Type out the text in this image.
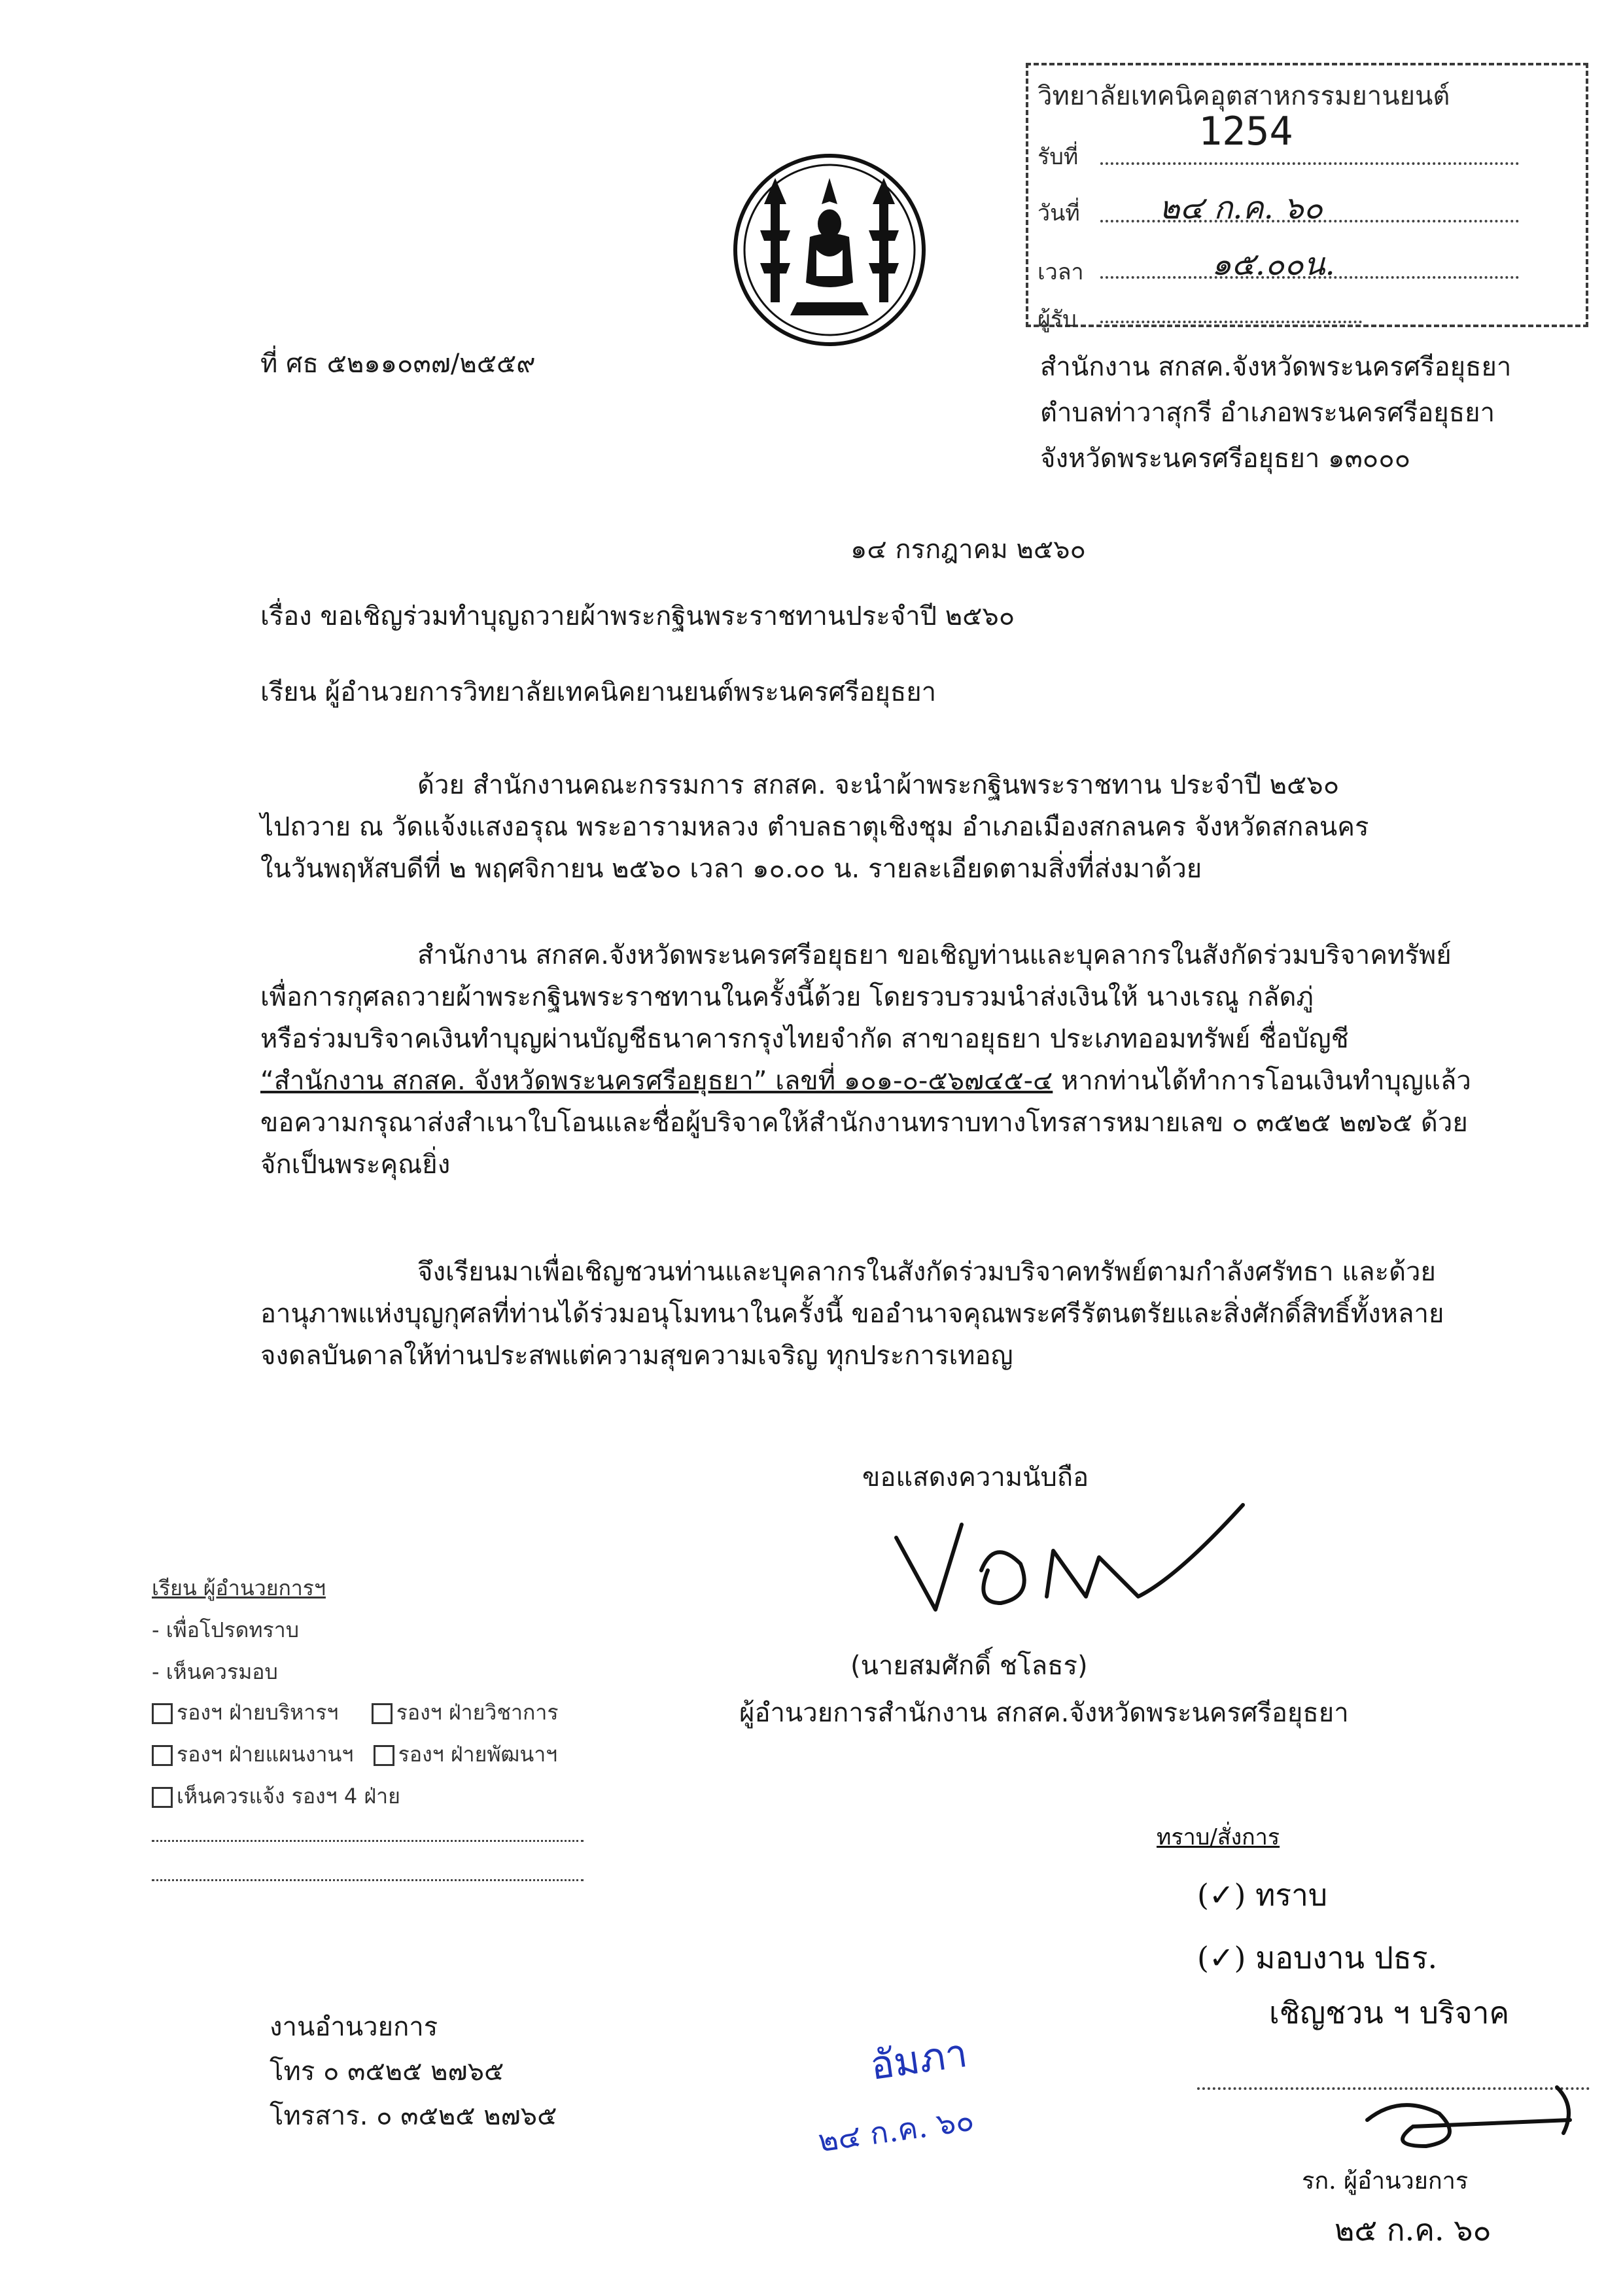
วิทยาลัยเทคนิคอุตสาหกรรมยานยนต์
รับที่
1254
วันที่	๒๔ ก.ค. ๖๐
เวลา	๑๕.๐๐น.
ผู้รับ
ที่ ศธ ๕๒๑๑๐๓๗/๒๕๕๙	สำนักงาน สกสค.จังหวัดพระนครศรีอยุธยา
ตำบลท่าวาสุกรี อำเภอพระนครศรีอยุธยา
จังหวัดพระนครศรีอยุธยา ๑๓๐๐๐
๑๔ กรกฎาคม ๒๕๖๐
เรื่อง ขอเชิญร่วมทำบุญถวายผ้าพระกฐินพระราชทานประจำปี ๒๕๖๐
เรียน ผู้อำนวยการวิทยาลัยเทคนิคยานยนต์พระนครศรีอยุธยา
ด้วย สำนักงานคณะกรรมการ สกสค. จะนำผ้าพระกฐินพระราชทาน ประจำปี ๒๕๖๐
ไปถวาย ณ วัดแจ้งแสงอรุณ พระอารามหลวง ตำบลธาตุเชิงชุม อำเภอเมืองสกลนคร จังหวัดสกลนคร
ในวันพฤหัสบดีที่ ๒ พฤศจิกายน ๒๕๖๐ เวลา ๑๐.๐๐ น. รายละเอียดตามสิ่งที่ส่งมาด้วย
สำนักงาน สกสค.จังหวัดพระนครศรีอยุธยา ขอเชิญท่านและบุคลากรในสังกัดร่วมบริจาคทรัพย์
เพื่อการกุศลถวายผ้าพระกฐินพระราชทานในครั้งนี้ด้วย โดยรวบรวมนำส่งเงินให้ นางเรณู กลัดภู่
หรือร่วมบริจาคเงินทำบุญผ่านบัญชีธนาคารกรุงไทยจำกัด สาขาอยุธยา ประเภทออมทรัพย์ ชื่อบัญชี
“สำนักงาน สกสค. จังหวัดพระนครศรีอยุธยา” เลขที่ ๑๐๑-๐-๕๖๗๔๕-๔ หากท่านได้ทำการโอนเงินทำบุญแล้ว
ขอความกรุณาส่งสำเนาใบโอนและชื่อผู้บริจาคให้สำนักงานทราบทางโทรสารหมายเลข ๐ ๓๕๒๕ ๒๗๖๕ ด้วย
จักเป็นพระคุณยิ่ง
จึงเรียนมาเพื่อเชิญชวนท่านและบุคลากรในสังกัดร่วมบริจาคทรัพย์ตามกำลังศรัทธา และด้วย
อานุภาพแห่งบุญกุศลที่ท่านได้ร่วมอนุโมทนาในครั้งนี้ ขออำนาจคุณพระศรีรัตนตรัยและสิ่งศักดิ์สิทธิ์ทั้งหลาย
จงดลบันดาลให้ท่านประสพแต่ความสุขความเจริญ ทุกประการเทอญ
ขอแสดงความนับถือ
(นายสมศักดิ์ ชโลธร)
ผู้อำนวยการสำนักงาน สกสค.จังหวัดพระนครศรีอยุธยา
เรียน ผู้อำนวยการฯ
- เพื่อโปรดทราบ
- เห็นควรมอบ
รองฯ ฝ่ายบริหารฯ	รองฯ ฝ่ายวิชาการ
รองฯ ฝ่ายแผนงานฯ รองฯ ฝ่ายพัฒนาฯ
เห็นควรแจ้ง รองฯ 4 ฝ่าย
งานอำนวยการ
โทร ๐ ๓๕๒๕ ๒๗๖๕
โทรสาร. ๐ ๓๕๒๕ ๒๗๖๕
อัมภา
๒๔ ก.ค. ๖๐
ทราบ/สั่งการ
(✓) ทราบ
(✓) มอบงาน ปธร.
เชิญชวน ฯ บริจาค
รก. ผู้อำนวยการ
๒๕ ก.ค. ๖๐
